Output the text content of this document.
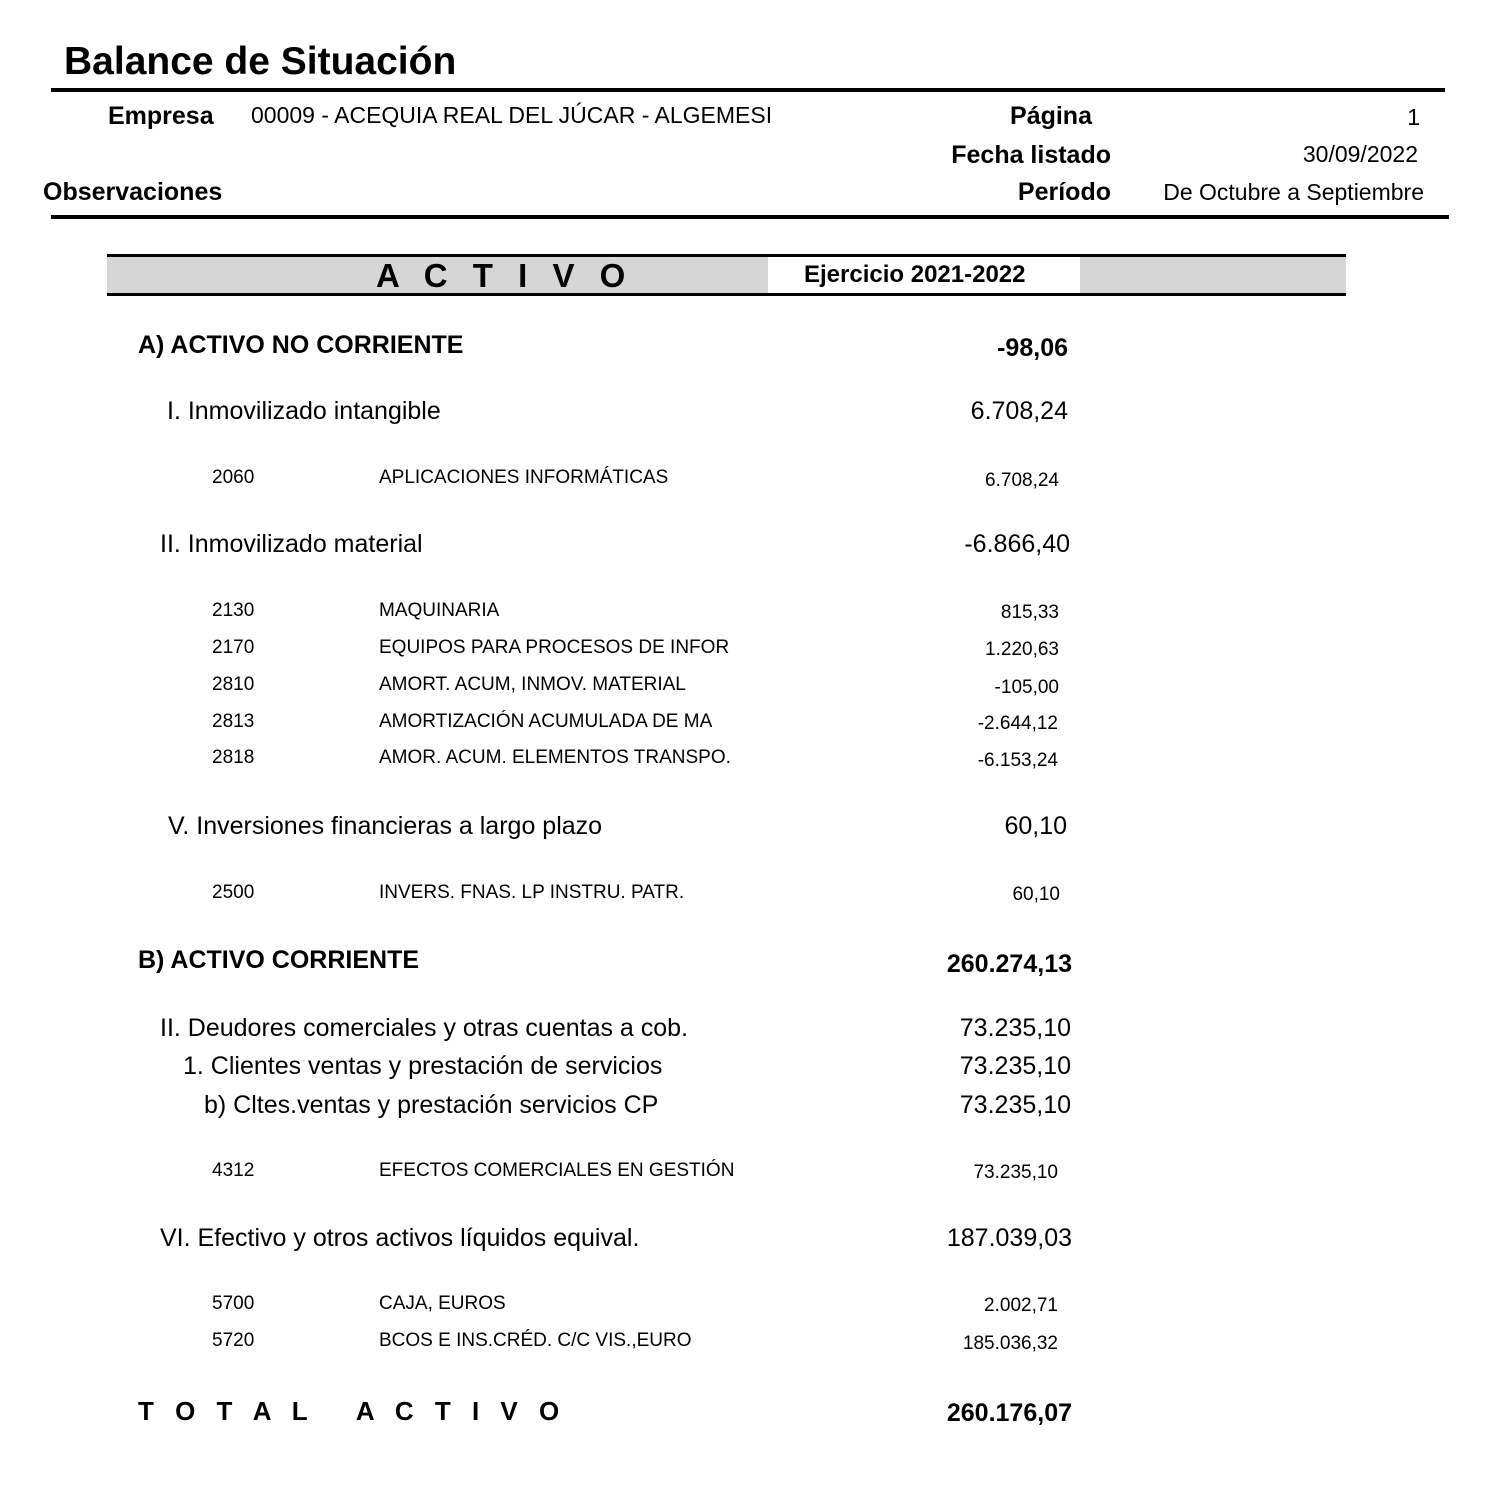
Balance de Situación
Empresa 00009 - ACEQUIA REAL DEL JÚCAR - ALGEMESI	Página	1
Fecha listado	30/09/2022
Observaciones	Período	De Octubre a Septiembre
A C T I V O	Ejercicio 2021-2022
A) ACTIVO NO CORRIENTE	-98,06
I. Inmovilizado intangible	6.708,24
2060	APLICACIONES INFORMÁTICAS	6.708,24
II. Inmovilizado material	-6.866,40
2130	MAQUINARIA	815,33
2170	EQUIPOS PARA PROCESOS DE INFOR	1.220,63
2810	AMORT. ACUM, INMOV. MATERIAL	-105,00
2813	AMORTIZACIÓN ACUMULADA DE MA	-2.644,12
2818	AMOR. ACUM. ELEMENTOS TRANSPO.	-6.153,24
V. Inversiones financieras a largo plazo	60,10
2500	INVERS. FNAS. LP INSTRU. PATR.	60,10
B) ACTIVO CORRIENTE	260.274,13
II. Deudores comerciales y otras cuentas a cob.	73.235,10
1. Clientes ventas y prestación de servicios	73.235,10
b) Cltes.ventas y prestación servicios CP	73.235,10
4312	EFECTOS COMERCIALES EN GESTIÓN	73.235,10
VI. Efectivo y otros activos líquidos equival.	187.039,03
5700	CAJA, EUROS	2.002,71
5720	BCOS E INS.CRÉD. C/C VIS.,EURO	185.036,32
T O T A L   A C T I V O	260.176,07
